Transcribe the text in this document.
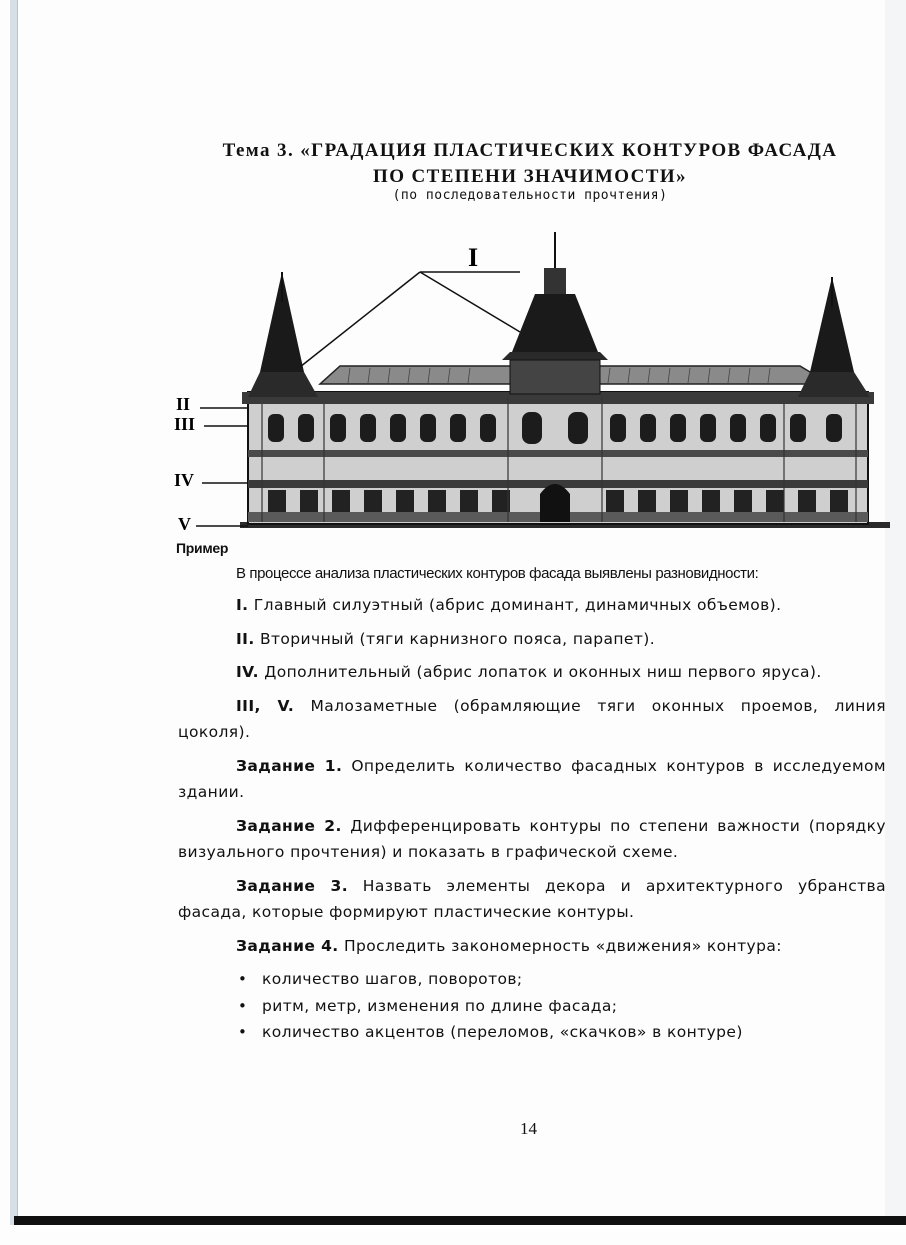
Тема 3. «ГРАДАЦИЯ ПЛАСТИЧЕСКИХ КОНТУРОВ ФАСАДА
ПО СТЕПЕНИ ЗНАЧИМОСТИ»
(по последовательности прочтения)
I
II
III
IV
V
Пример
В процессе анализа пластических контуров фасада выявлены разновидности:

I. Главный силуэтный (абрис доминант, динамичных объемов).

II. Вторичный (тяги карнизного пояса, парапет).

IV. Дополнительный (абрис лопаток и оконных ниш первого яруса).

III, V. Малозаметные (обрамляющие тяги оконных проемов, линия цоколя).

Задание 1. Определить количество фасадных контуров в исследуемом здании.

Задание 2. Дифференцировать контуры по степени важности (порядку визуального прочтения) и показать в графической схеме.

Задание 3. Назвать элементы декора и архитектурного убранства фасада, которые формируют пластические контуры.

Задание 4. Проследить закономерность «движения» контура:

• количество шагов, поворотов;
• ритм, метр, изменения по длине фасада;
• количество акцентов (переломов, «скачков» в контуре)
14
